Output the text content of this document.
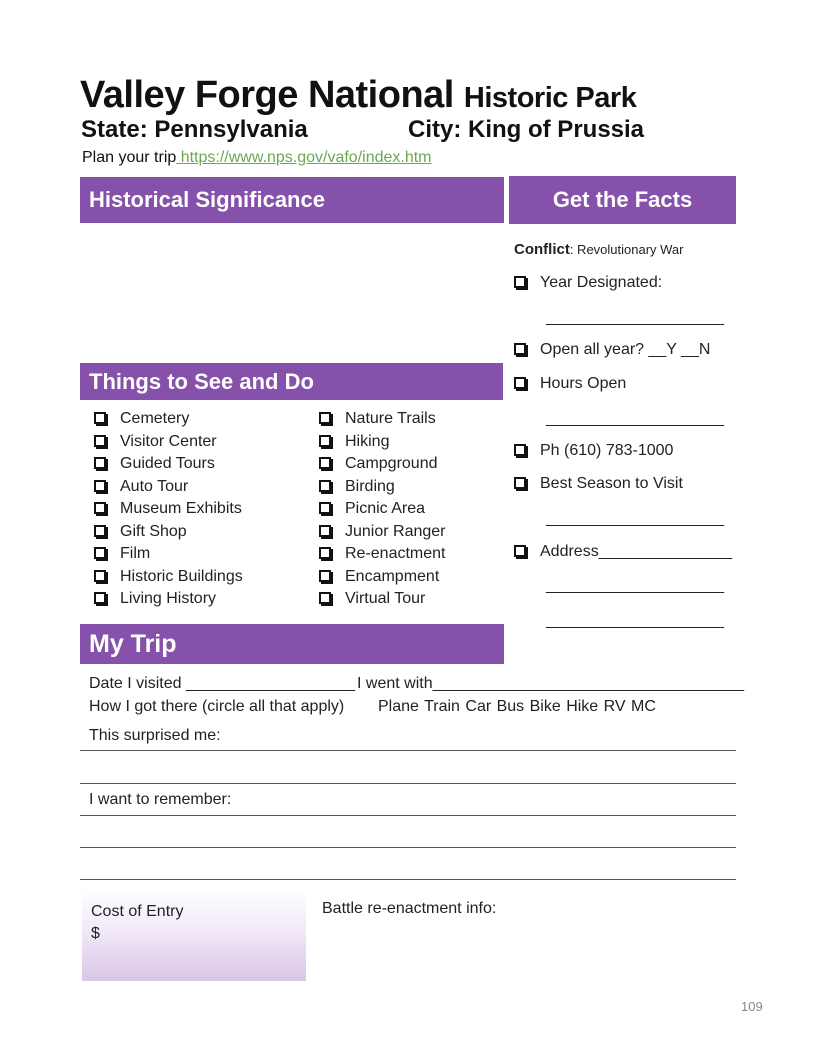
Valley Forge National Historic Park
State: Pennsylvania	City: King of Prussia
Plan your trip https://www.nps.gov/vafo/index.htm
Historical Significance	Get the Facts
Things to See and Do
My Trip
Conflict: Revolutionary War
Year Designated:
____________________
Open all year? __Y __N
Hours Open
____________________
Ph (610) 783-1000
Best Season to Visit
____________________
Address_______________
____________________
____________________
Cemetery
Visitor Center
Guided Tours
Auto Tour
Museum Exhibits
Gift Shop
Film
Historic Buildings
Living History
Nature Trails
Hiking
Campground
Birding
Picnic Area
Junior Ranger
Re-enactment
Encampment
Virtual Tour
Date I visited ___________________ I went with___________________________________
How I got there (circle all that apply) Plane Train Car Bus Bike Hike RV MC
This surprised me:
I want to remember:
Cost of Entry
$
Battle re-enactment info:
109
